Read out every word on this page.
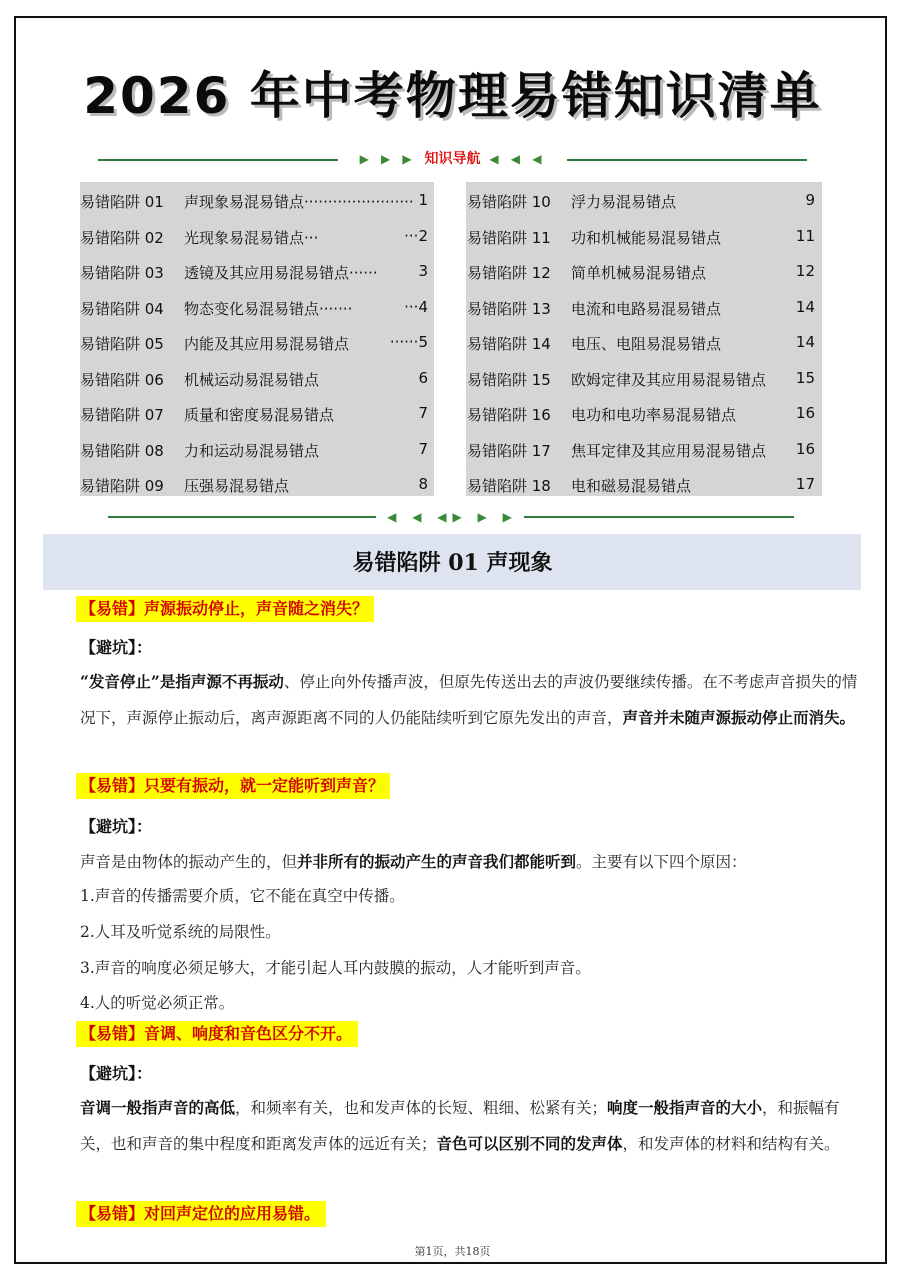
2026 年中考物理易错知识清单
▶ ▶ ▶ 知识导航 ◀ ◀ ◀
易错陷阱 01 声现象易混易错点······················· 1
易错陷阱 02 光现象易混易错点···	···2
易错陷阱 03 透镜及其应用易混易错点······	3
易错陷阱 04 物态变化易混易错点·······	···4
易错陷阱 05 内能及其应用易混易错点	······5
易错陷阱 06 机械运动易混易错点	6
易错陷阱 07 质量和密度易混易错点	7
易错陷阱 08 力和运动易混易错点	7
易错陷阱 09 压强易混易错点	8
易错陷阱 10 浮力易混易错点	9
易错陷阱 11 功和机械能易混易错点	11
易错陷阱 12 简单机械易混易错点	12
易错陷阱 13 电流和电路易混易错点	14
易错陷阱 14 电压、电阻易混易错点	14
易错陷阱 15 欧姆定律及其应用易混易错点 15
易错陷阱 16 电功和电功率易混易错点	16
易错陷阱 17 焦耳定律及其应用易混易错点 16
易错陷阱 18 电和磁易混易错点	17
◀ ◀ ◀▶ ▶ ▶
易错陷阱 01 声现象
【易错】声源振动停止，声音随之消失？
【避坑】：
“发音停止”是指声源不再振动、停止向外传播声波，但原先传送出去的声波仍要继续传播。在不考虑声音损失的情况下，声源停止振动后，离声源距离不同的人仍能陆续听到它原先发出的声音，声音并未随声源振动停止而消失。
【易错】只要有振动，就一定能听到声音？
【避坑】：
声音是由物体的振动产生的，但并非所有的振动产生的声音我们都能听到。主要有以下四个原因：
1.声音的传播需要介质，它不能在真空中传播。
2.人耳及听觉系统的局限性。
3.声音的响度必须足够大，才能引起人耳内鼓膜的振动，人才能听到声音。
4.人的听觉必须正常。
【易错】音调、响度和音色区分不开。
【避坑】：
音调一般指声音的高低，和频率有关，也和发声体的长短、粗细、松紧有关；响度一般指声音的大小，和振幅有关，也和声音的集中程度和距离发声体的远近有关；音色可以区别不同的发声体，和发声体的材料和结构有关。
【易错】对回声定位的应用易错。
第1页，共18页
